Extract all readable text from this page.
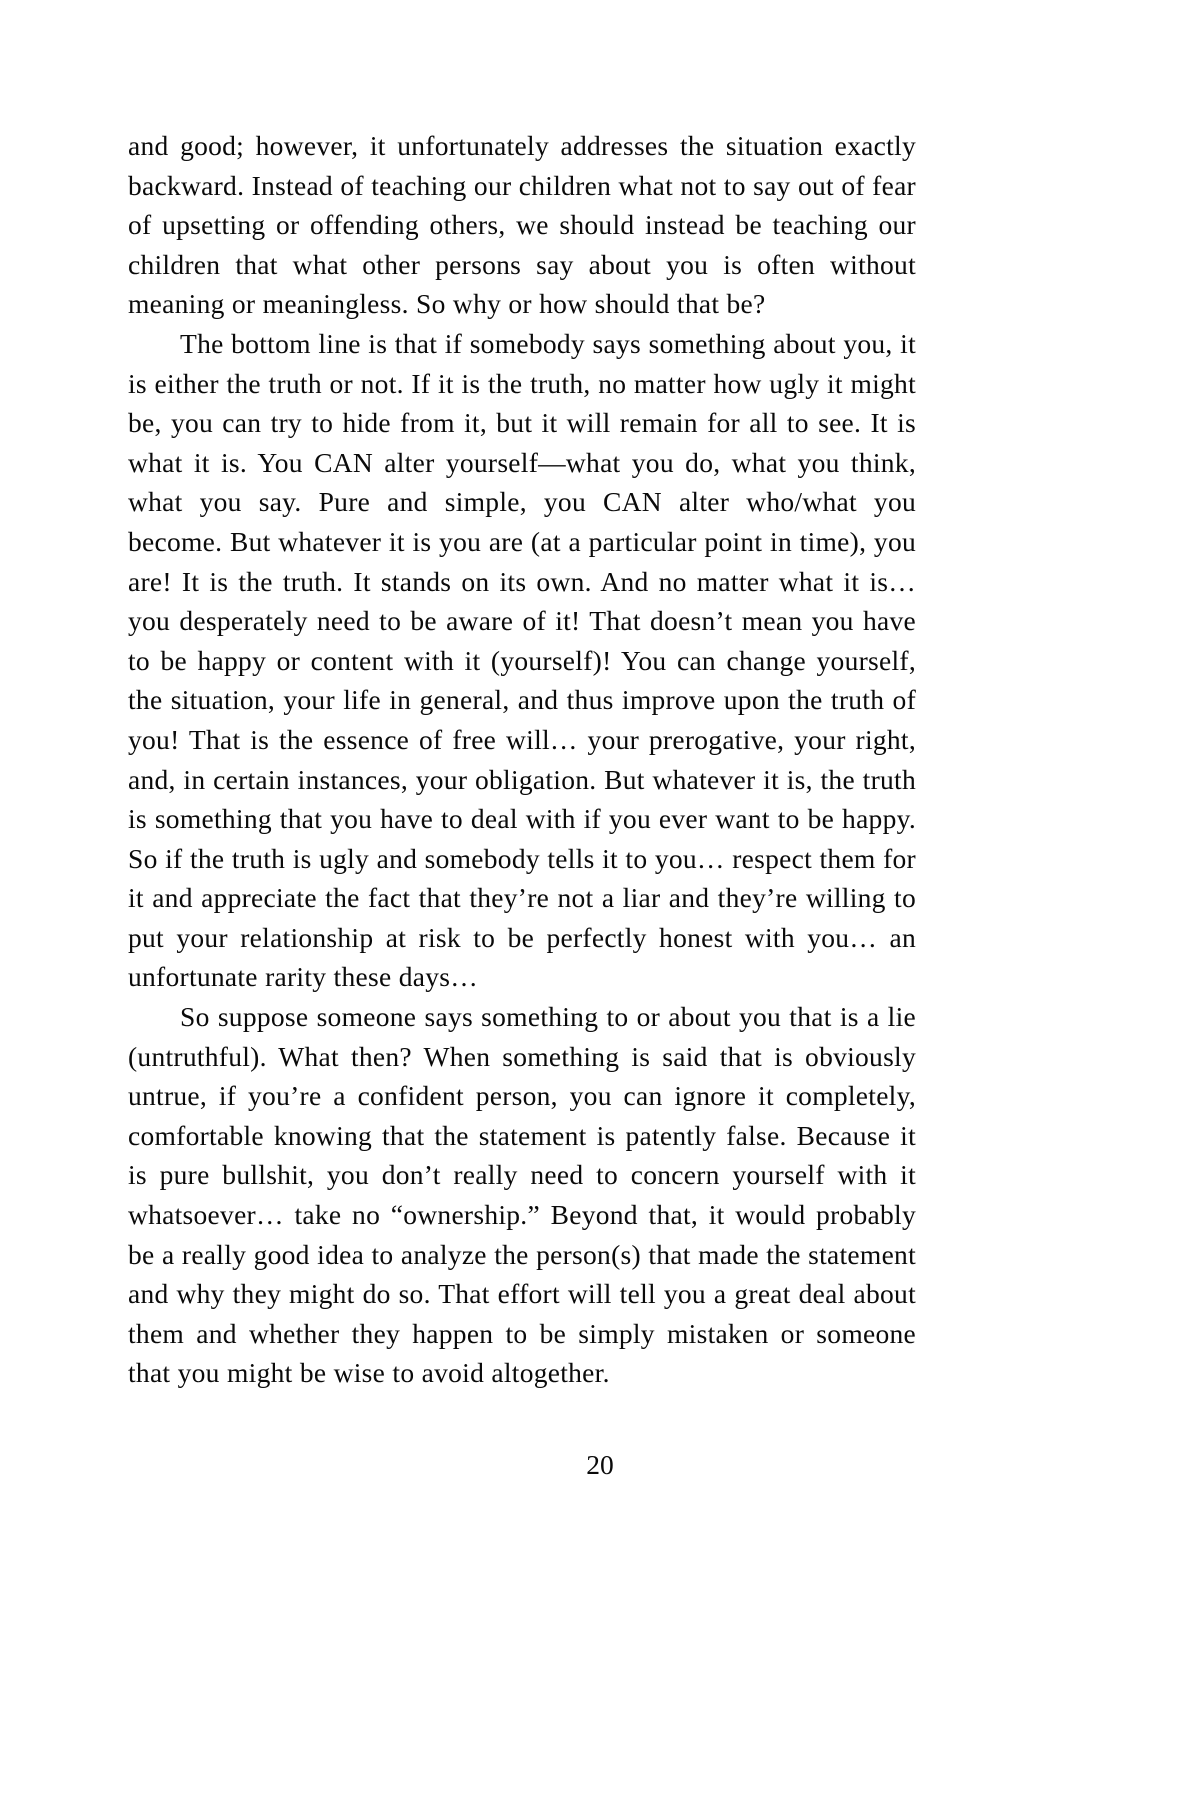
and good; however, it unfortunately addresses the situation exactly backward. Instead of teaching our children what not to say out of fear of upsetting or offending others, we should instead be teaching our children that what other persons say about you is often without meaning or meaningless. So why or how should that be?

The bottom line is that if somebody says something about you, it is either the truth or not. If it is the truth, no matter how ugly it might be, you can try to hide from it, but it will remain for all to see. It is what it is. You CAN alter yourself—what you do, what you think, what you say. Pure and simple, you CAN alter who/what you become. But whatever it is you are (at a particular point in time), you are! It is the truth. It stands on its own. And no matter what it is… you desperately need to be aware of it! That doesn’t mean you have to be happy or content with it (yourself)! You can change yourself, the situation, your life in general, and thus improve upon the truth of you! That is the essence of free will… your prerogative, your right, and, in certain instances, your obligation. But whatever it is, the truth is something that you have to deal with if you ever want to be happy. So if the truth is ugly and somebody tells it to you… respect them for it and appreciate the fact that they’re not a liar and they’re willing to put your relationship at risk to be perfectly honest with you… an unfortunate rarity these days…

So suppose someone says something to or about you that is a lie (untruthful). What then? When something is said that is obviously untrue, if you’re a confident person, you can ignore it completely, comfortable knowing that the statement is patently false. Because it is pure bullshit, you don’t really need to concern yourself with it whatsoever… take no “ownership.” Beyond that, it would probably be a really good idea to analyze the person(s) that made the statement and why they might do so. That effort will tell you a great deal about them and whether they happen to be simply mistaken or someone that you might be wise to avoid altogether.

20
